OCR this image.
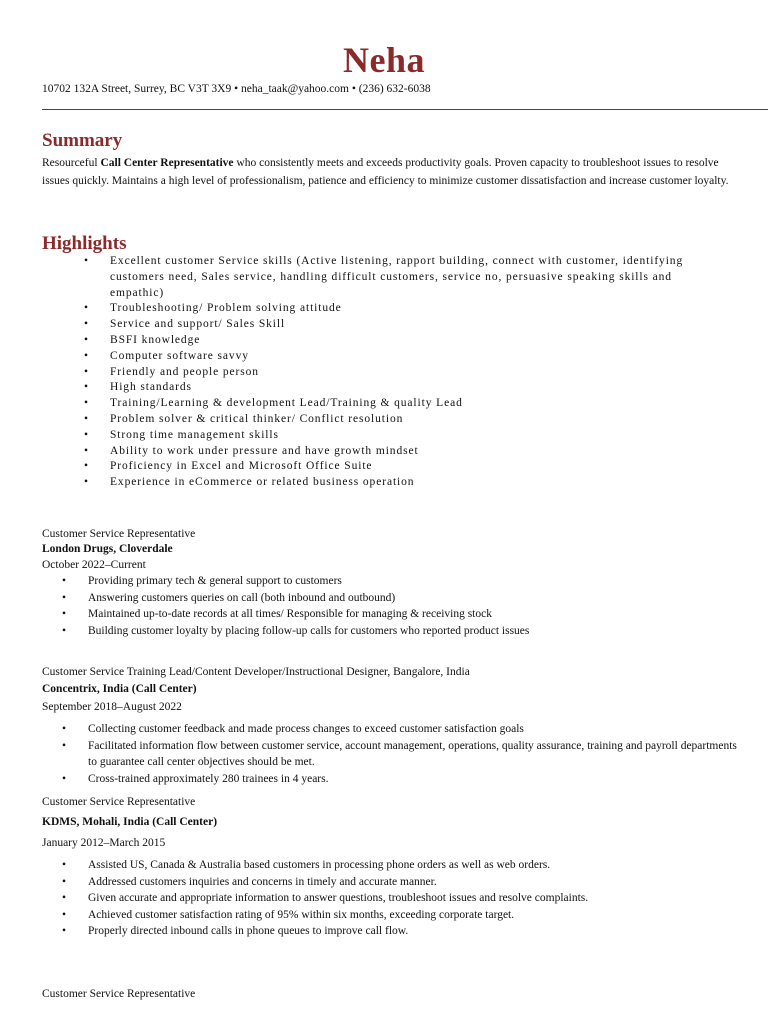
Neha
10702 132A Street, Surrey, BC V3T 3X9 • neha_taak@yahoo.com • (236) 632-6038
Summary
Resourceful Call Center Representative who consistently meets and exceeds productivity goals. Proven capacity to troubleshoot issues to resolve issues quickly. Maintains a high level of professionalism, patience and efficiency to minimize customer dissatisfaction and increase customer loyalty.
Highlights
• Excellent customer Service skills (Active listening, rapport building, connect with customer, identifying customers need, Sales service, handling difficult customers, service no, persuasive speaking skills and empathic)
• Troubleshooting/ Problem solving attitude
• Service and support/ Sales Skill
• BSFI knowledge
• Computer software savvy
• Friendly and people person
• High standards
• Training/Learning & development Lead/Training & quality Lead
• Problem solver & critical thinker/ Conflict resolution
• Strong time management skills
• Ability to work under pressure and have growth mindset
• Proficiency in Excel and Microsoft Office Suite
• Experience in eCommerce or related business operation
Customer Service Representative
London Drugs, Cloverdale
October 2022–Current
• Providing primary tech & general support to customers
• Answering customers queries on call (both inbound and outbound)
• Maintained up-to-date records at all times/ Responsible for managing & receiving stock
• Building customer loyalty by placing follow-up calls for customers who reported product issues
Customer Service Training Lead/Content Developer/Instructional Designer, Bangalore, India
Concentrix, India (Call Center)
September 2018–August 2022
• Collecting customer feedback and made process changes to exceed customer satisfaction goals
• Facilitated information flow between customer service, account management, operations, quality assurance, training and payroll departments to guarantee call center objectives should be met.
• Cross-trained approximately 280 trainees in 4 years.
Customer Service Representative
KDMS, Mohali, India (Call Center)
January 2012–March 2015
• Assisted US, Canada & Australia based customers in processing phone orders as well as web orders.
• Addressed customers inquiries and concerns in timely and accurate manner.
• Given accurate and appropriate information to answer questions, troubleshoot issues and resolve complaints.
• Achieved customer satisfaction rating of 95% within six months, exceeding corporate target.
• Properly directed inbound calls in phone queues to improve call flow.
Customer Service Representative
